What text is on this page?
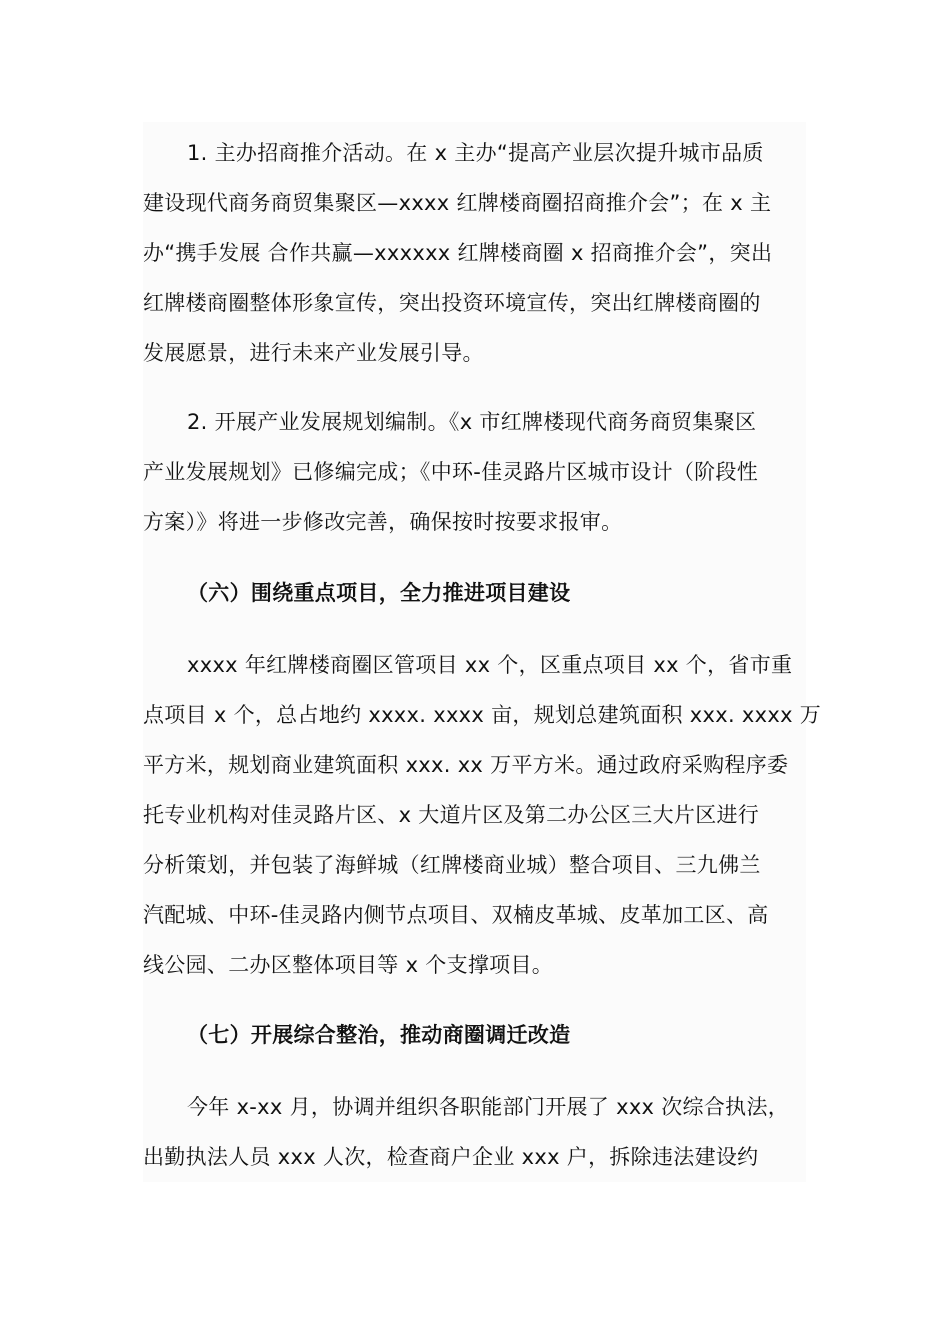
1. 主办招商推介活动。在 x 主办“提高产业层次提升城市品质
建设现代商务商贸集聚区—xxxx 红牌楼商圈招商推介会”；在 x 主
办“携手发展 合作共赢—xxxxxx 红牌楼商圈 x 招商推介会”，突出
红牌楼商圈整体形象宣传，突出投资环境宣传，突出红牌楼商圈的
发展愿景，进行未来产业发展引导。
2. 开展产业发展规划编制。《x 市红牌楼现代商务商贸集聚区
产业发展规划》已修编完成；《中环-佳灵路片区城市设计（阶段性
方案）》将进一步修改完善，确保按时按要求报审。
（六）围绕重点项目，全力推进项目建设
xxxx 年红牌楼商圈区管项目 xx 个，区重点项目 xx 个，省市重
点项目 x 个，总占地约 xxxx. xxxx 亩，规划总建筑面积 xxx. xxxx 万
平方米，规划商业建筑面积 xxx. xx 万平方米。通过政府采购程序委
托专业机构对佳灵路片区、x 大道片区及第二办公区三大片区进行
分析策划，并包装了海鲜城（红牌楼商业城）整合项目、三九佛兰
汽配城、中环-佳灵路内侧节点项目、双楠皮革城、皮革加工区、高
线公园、二办区整体项目等 x 个支撑项目。
（七）开展综合整治，推动商圈调迁改造
今年 x-xx 月，协调并组织各职能部门开展了 xxx 次综合执法，
出勤执法人员 xxx 人次，检查商户企业 xxx 户，拆除违法建设约
